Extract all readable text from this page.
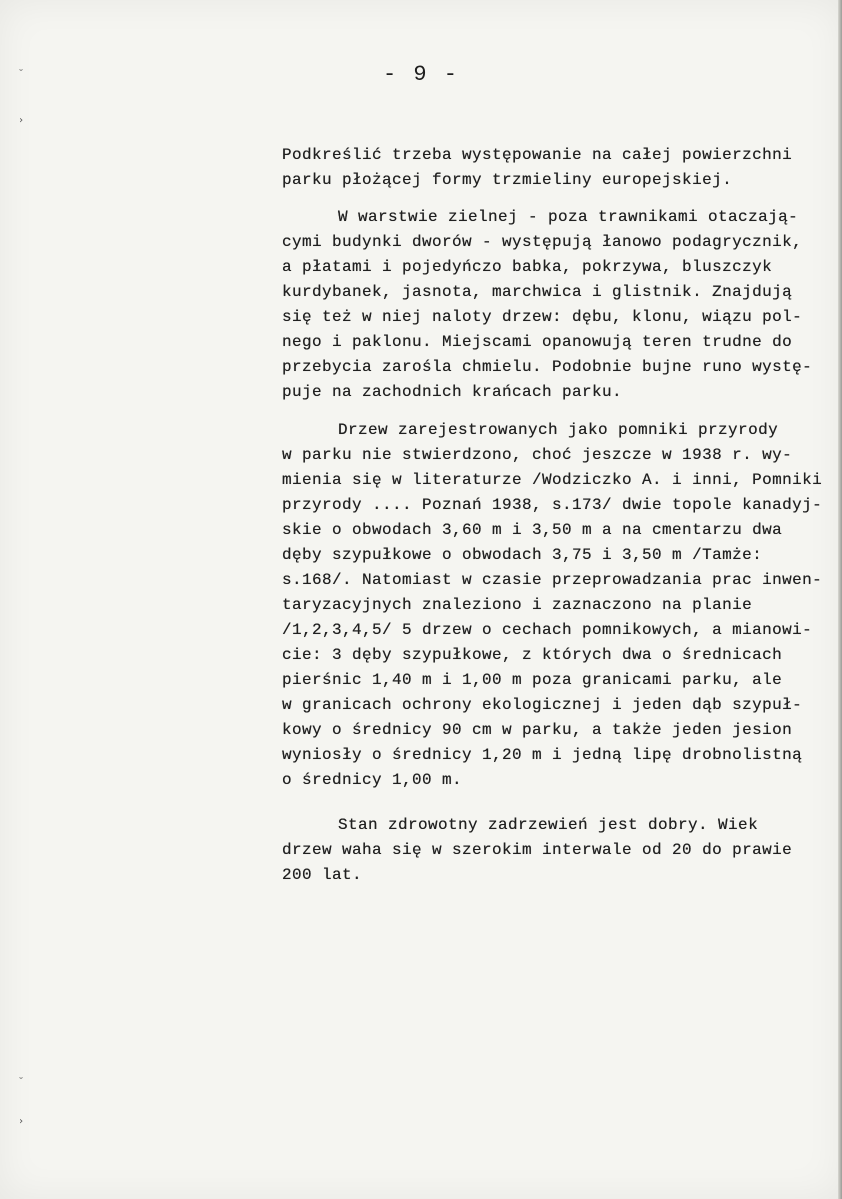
˘
›
˘
›
- 9 -

Podkreślić trzeba występowanie na całej powierzchni

parku płożącej formy trzmieliny europejskiej.

W warstwie zielnej - poza trawnikami otaczają-

cymi budynki dworów - występują łanowo podagrycznik,

a płatami i pojedyńczo babka, pokrzywa, bluszczyk

kurdybanek, jasnota, marchwica i glistnik. Znajdują

się też w niej naloty drzew: dębu, klonu, wiązu pol-

nego i paklonu. Miejscami opanowują teren trudne do

przebycia zarośla chmielu. Podobnie bujne runo wystę-

puje na zachodnich krańcach parku.

Drzew zarejestrowanych jako pomniki przyrody

w parku nie stwierdzono, choć jeszcze w 1938 r. wy-

mienia się w literaturze /Wodziczko A. i inni, Pomniki

przyrody .... Poznań 1938, s.173/ dwie topole kanadyj-

skie o obwodach 3,60 m i 3,50 m a na cmentarzu dwa

dęby szypułkowe o obwodach 3,75 i 3,50 m /Tamże:

s.168/. Natomiast w czasie przeprowadzania prac inwen-

taryzacyjnych znaleziono i zaznaczono na planie

/1,2,3,4,5/ 5 drzew o cechach pomnikowych, a mianowi-

cie: 3 dęby szypułkowe, z których dwa o średnicach

pierśnic 1,40 m i 1,00 m poza granicami parku, ale

w granicach ochrony ekologicznej i jeden dąb szypuł-

kowy o średnicy 90 cm w parku, a także jeden jesion

wyniosły o średnicy 1,20 m i jedną lipę drobnolistną

o średnicy 1,00 m.

Stan zdrowotny zadrzewień jest dobry. Wiek

drzew waha się w szerokim interwale od 20 do prawie

200 lat.
